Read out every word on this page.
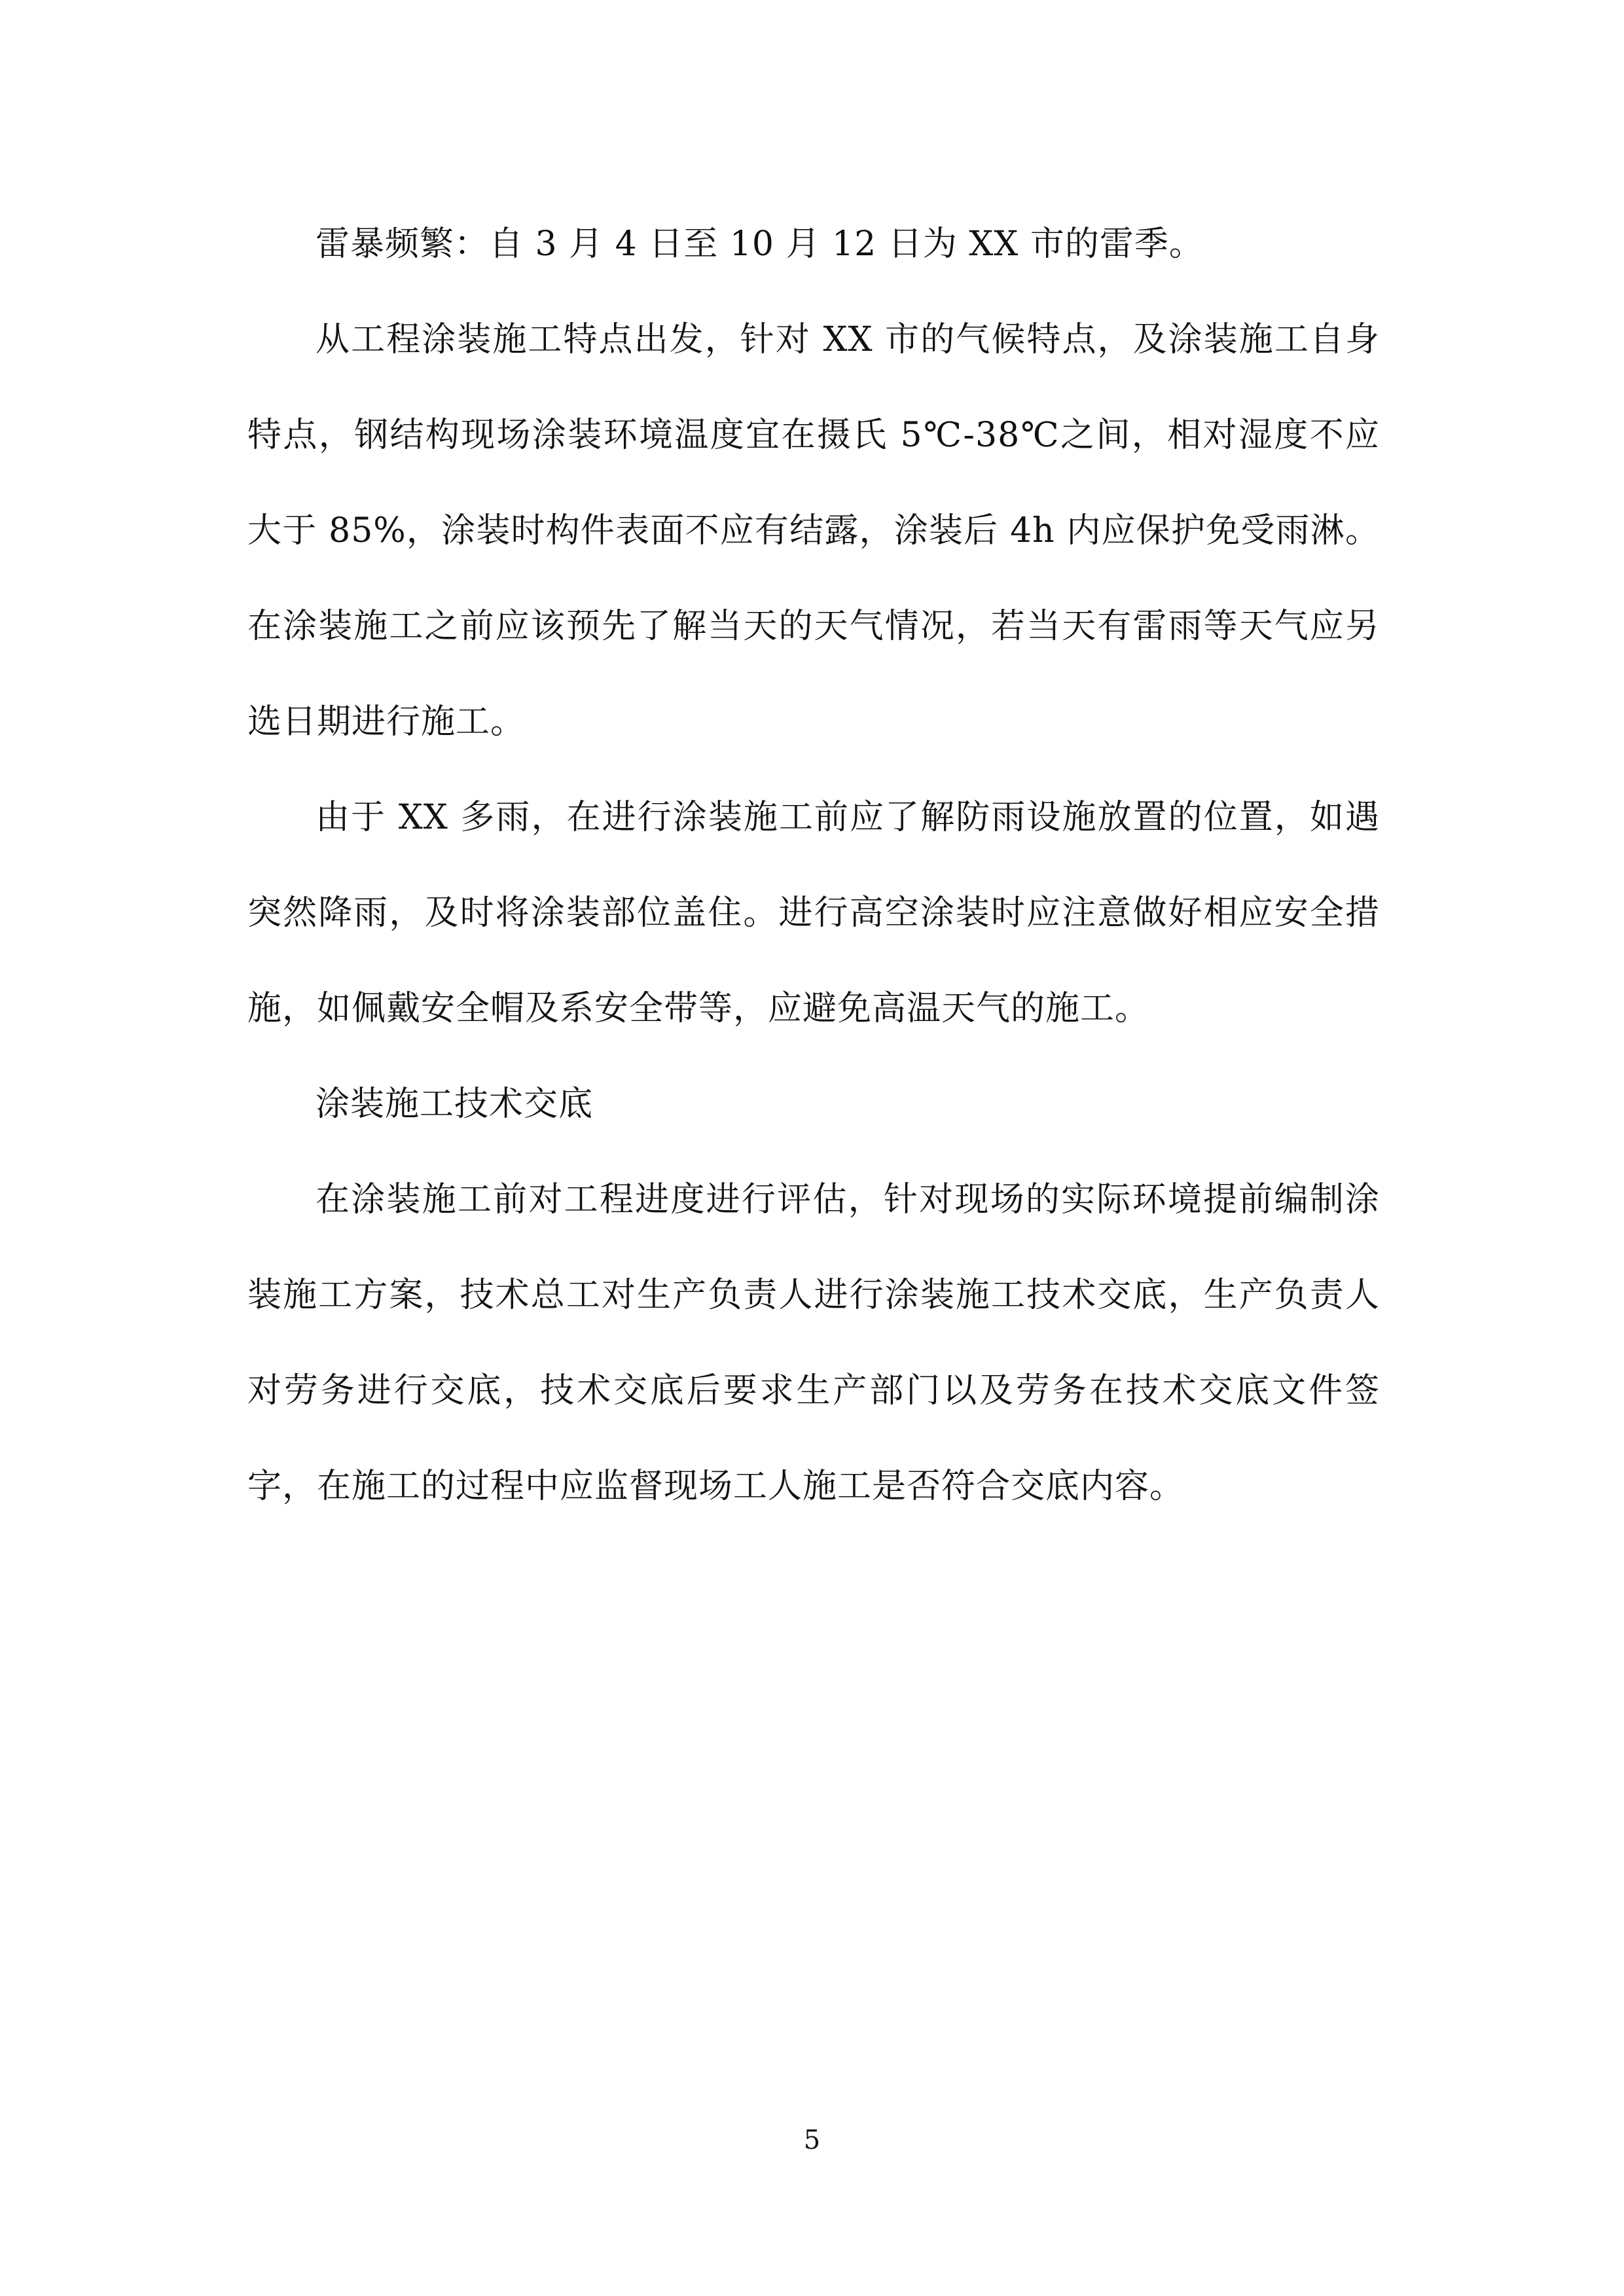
雷暴频繁：自 3 月 4 日至 10 月 12 日为 XX 市的雷季。

从工程涂装施工特点出发，针对 XX 市的气候特点，及涂装施工自身特点，钢结构现场涂装环境温度宜在摄氏 5℃-38℃之间，相对湿度不应大于 85%，涂装时构件表面不应有结露，涂装后 4h 内应保护免受雨淋。在涂装施工之前应该预先了解当天的天气情况，若当天有雷雨等天气应另选日期进行施工。

由于 XX 多雨，在进行涂装施工前应了解防雨设施放置的位置，如遇突然降雨，及时将涂装部位盖住。进行高空涂装时应注意做好相应安全措施，如佩戴安全帽及系安全带等，应避免高温天气的施工。

涂装施工技术交底

在涂装施工前对工程进度进行评估，针对现场的实际环境提前编制涂装施工方案，技术总工对生产负责人进行涂装施工技术交底，生产负责人对劳务进行交底，技术交底后要求生产部门以及劳务在技术交底文件签字，在施工的过程中应监督现场工人施工是否符合交底内容。

5
